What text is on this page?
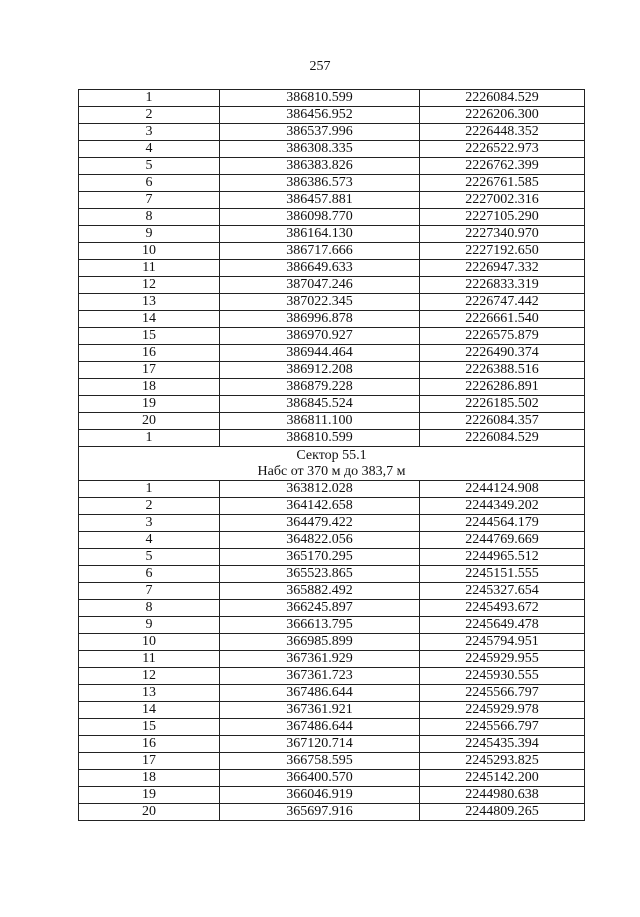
257
1	386810.599	2226084.529
2	386456.952	2226206.300
3	386537.996	2226448.352
4	386308.335	2226522.973
5	386383.826	2226762.399
6	386386.573	2226761.585
7	386457.881	2227002.316
8	386098.770	2227105.290
9	386164.130	2227340.970
10	386717.666	2227192.650
11	386649.633	2226947.332
12	387047.246	2226833.319
13	387022.345	2226747.442
14	386996.878	2226661.540
15	386970.927	2226575.879
16	386944.464	2226490.374
17	386912.208	2226388.516
18	386879.228	2226286.891
19	386845.524	2226185.502
20	386811.100	2226084.357
1	386810.599	2226084.529

Сектор 55.1
Набс от 370 м до 383,7 м		

1	363812.028	2244124.908
2	364142.658	2244349.202
3	364479.422	2244564.179
4	364822.056	2244769.669
5	365170.295	2244965.512
6	365523.865	2245151.555
7	365882.492	2245327.654
8	366245.897	2245493.672
9	366613.795	2245649.478
10	366985.899	2245794.951
11	367361.929	2245929.955
12	367361.723	2245930.555
13	367486.644	2245566.797
14	367361.921	2245929.978
15	367486.644	2245566.797
16	367120.714	2245435.394
17	366758.595	2245293.825
18	366400.570	2245142.200
19	366046.919	2244980.638
20	365697.916	2244809.265
